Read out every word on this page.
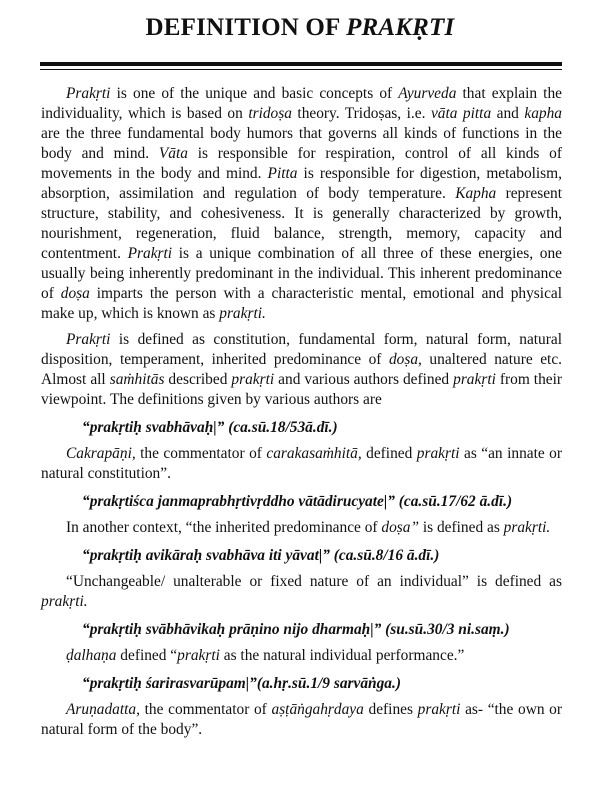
DEFINITION OF PRAKṚTI

Prakṛti is one of the unique and basic concepts of Ayurveda that explain the individuality, which is based on tridoṣa theory. Tridoṣas, i.e. vāta pitta and kapha are the three fundamental body humors that governs all kinds of functions in the body and mind. Vāta is responsible for respiration, control of all kinds of movements in the body and mind. Pitta is responsible for digestion, metabolism, absorption, assimilation and regulation of body temperature. Kapha represent structure, stability, and cohesiveness. It is generally characterized by growth, nourishment, regeneration, fluid balance, strength, memory, capacity and contentment. Prakṛti is a unique combination of all three of these energies, one usually being inherently predominant in the individual. This inherent predominance of doṣa imparts the person with a characteristic mental, emotional and physical make up, which is known as prakṛti.

Prakṛti is defined as constitution, fundamental form, natural form, natural disposition, temperament, inherited predominance of doṣa, unaltered nature etc. Almost all saṁhitās described prakṛti and various authors defined prakṛti from their viewpoint. The definitions given by various authors are

“prakṛtiḥ svabhāvaḥ|” (ca.sū.18/53ā.dī.)

Cakrapāṇi, the commentator of carakasaṁhitā, defined prakṛti as “an innate or natural constitution”.

“prakṛtiśca janmaprabhṛtivṛddho vātādirucyate|” (ca.sū.17/62 ā.dī.)

In another context, “the inherited predominance of doṣa” is defined as prakṛti.

“prakṛtiḥ avikāraḥ svabhāva iti yāvat|” (ca.sū.8/16 ā.dī.)

“Unchangeable/ unalterable or fixed nature of an individual” is defined as prakṛti.

“prakṛtiḥ svābhāvikaḥ prāṇino nijo dharmaḥ|” (su.sū.30/3 ni.saṃ.)

ḍalhaṇa defined “prakṛti as the natural individual performance.”

“prakṛtiḥ śarirasvarūpam|”(a.hṛ.sū.1/9 sarvāṅga.)

Aruṇadatta, the commentator of aṣṭāṅgahṛdaya defines prakṛti as- “the own or natural form of the body”.
